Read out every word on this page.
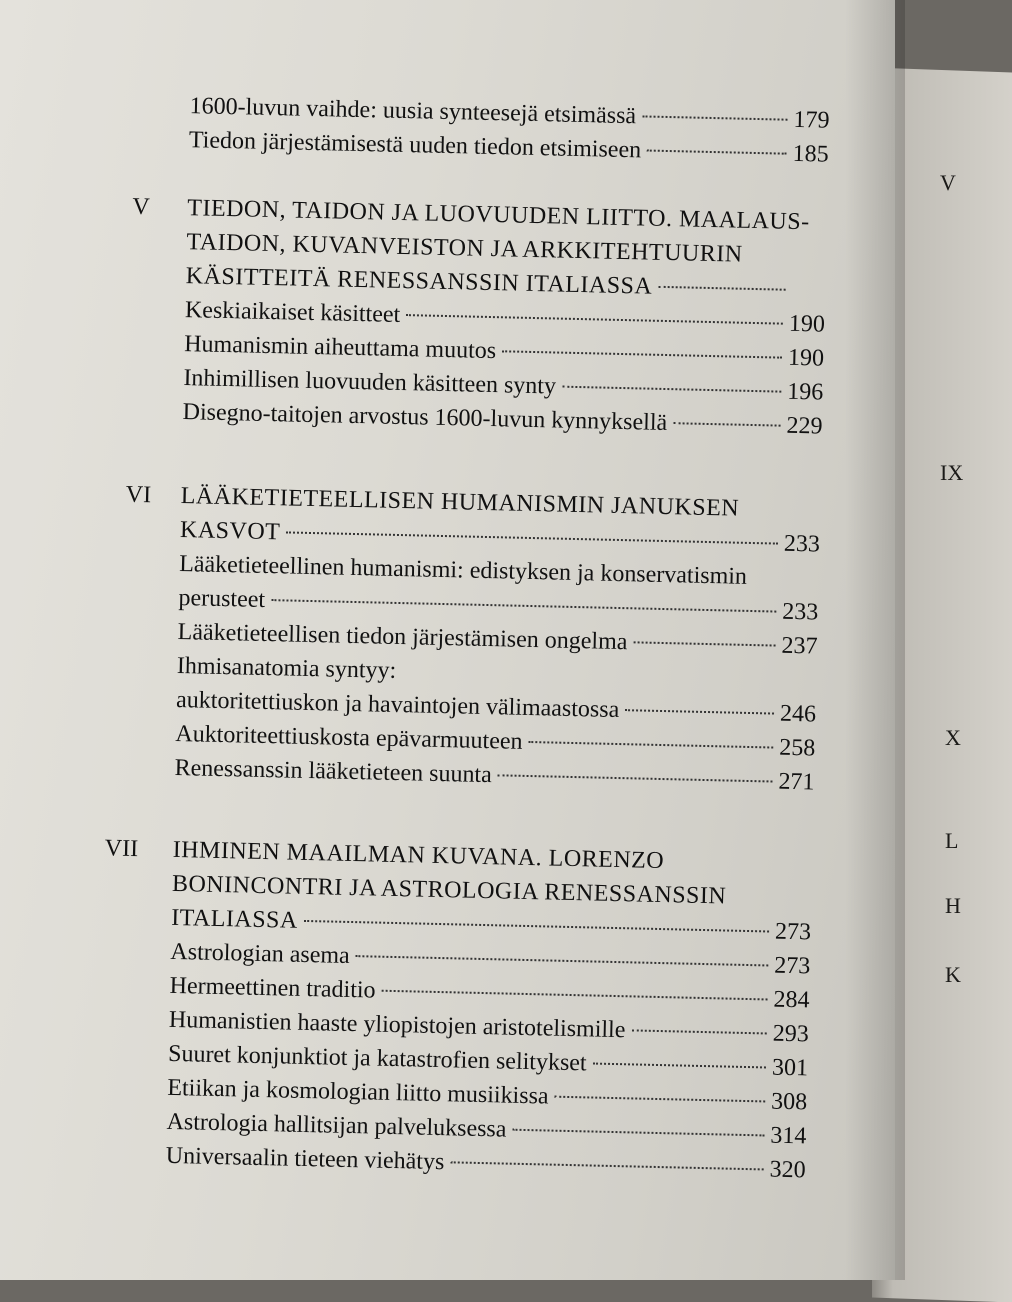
V
IX
X
L
H
K
1600-luvun vaihde: uusia synteesejä etsimässä	179
Tiedon järjestämisestä uuden tiedon etsimiseen	185
V TIEDON, TAIDON JA LUOVUUDEN LIITTO. MAALAUS-
TAIDON, KUVANVEISTON JA ARKKITEHTUURIN
KÄSITTEITÄ RENESSANSSIN ITALIASSA
Keskiaikaiset käsitteet	190
Humanismin aiheuttama muutos	190
Inhimillisen luovuuden käsitteen synty	196
Disegno-taitojen arvostus 1600-luvun kynnyksellä	229
VI LÄÄKETIETEELLISEN HUMANISMIN JANUKSEN
KASVOT	233
Lääketieteellinen humanismi: edistyksen ja konservatismin
perusteet	233
Lääketieteellisen tiedon järjestämisen ongelma	237
Ihmisanatomia syntyy:
auktoritettiuskon ja havaintojen välimaastossa	246
Auktoriteettiuskosta epävarmuuteen	258
Renessanssin lääketieteen suunta	271
VII IHMINEN MAAILMAN KUVANA. LORENZO
BONINCONTRI JA ASTROLOGIA RENESSANSSIN
ITALIASSA	273
Astrologian asema	273
Hermeettinen traditio	284
Humanistien haaste yliopistojen aristotelismille	293
Suuret konjunktiot ja katastrofien selitykset	301
Etiikan ja kosmologian liitto musiikissa	308
Astrologia hallitsijan palveluksessa	314
Universaalin tieteen viehätys	320
